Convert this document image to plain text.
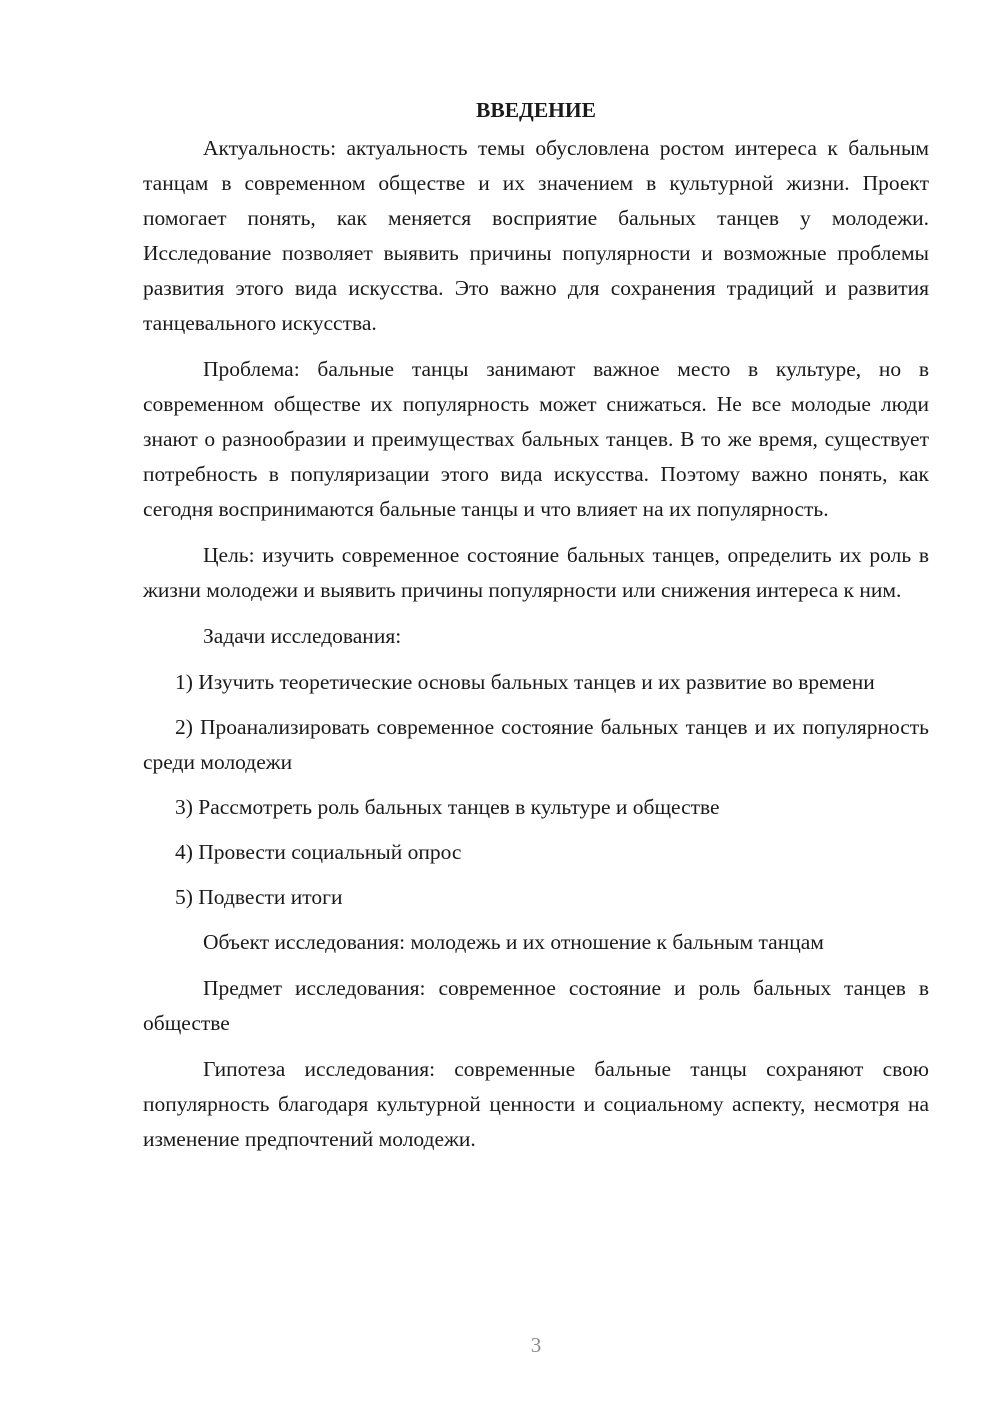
ВВЕДЕНИЕ

Актуальность: актуальность темы обусловлена ростом интереса к бальным танцам в современном обществе и их значением в культурной жизни. Проект помогает понять, как меняется восприятие бальных танцев у молодежи. Исследование позволяет выявить причины популярности и возможные проблемы развития этого вида искусства. Это важно для сохранения традиций и развития танцевального искусства.

Проблема: бальные танцы занимают важное место в культуре, но в современном обществе их популярность может снижаться. Не все молодые люди знают о разнообразии и преимуществах бальных танцев. В то же время, существует потребность в популяризации этого вида искусства. Поэтому важно понять, как сегодня воспринимаются бальные танцы и что влияет на их популярность.

Цель: изучить современное состояние бальных танцев, определить их роль в жизни молодежи и выявить причины популярности или снижения интереса к ним.

Задачи исследования:

1) Изучить теоретические основы бальных танцев и их развитие во времени

2) Проанализировать современное состояние бальных танцев и их популярность среди молодежи

3) Рассмотреть роль бальных танцев в культуре и обществе

4) Провести социальный опрос

5) Подвести итоги

Объект исследования: молодежь и их отношение к бальным танцам

Предмет исследования: современное состояние и роль бальных танцев в обществе

Гипотеза исследования: современные бальные танцы сохраняют свою популярность благодаря культурной ценности и социальному аспекту, несмотря на изменение предпочтений молодежи.

3
